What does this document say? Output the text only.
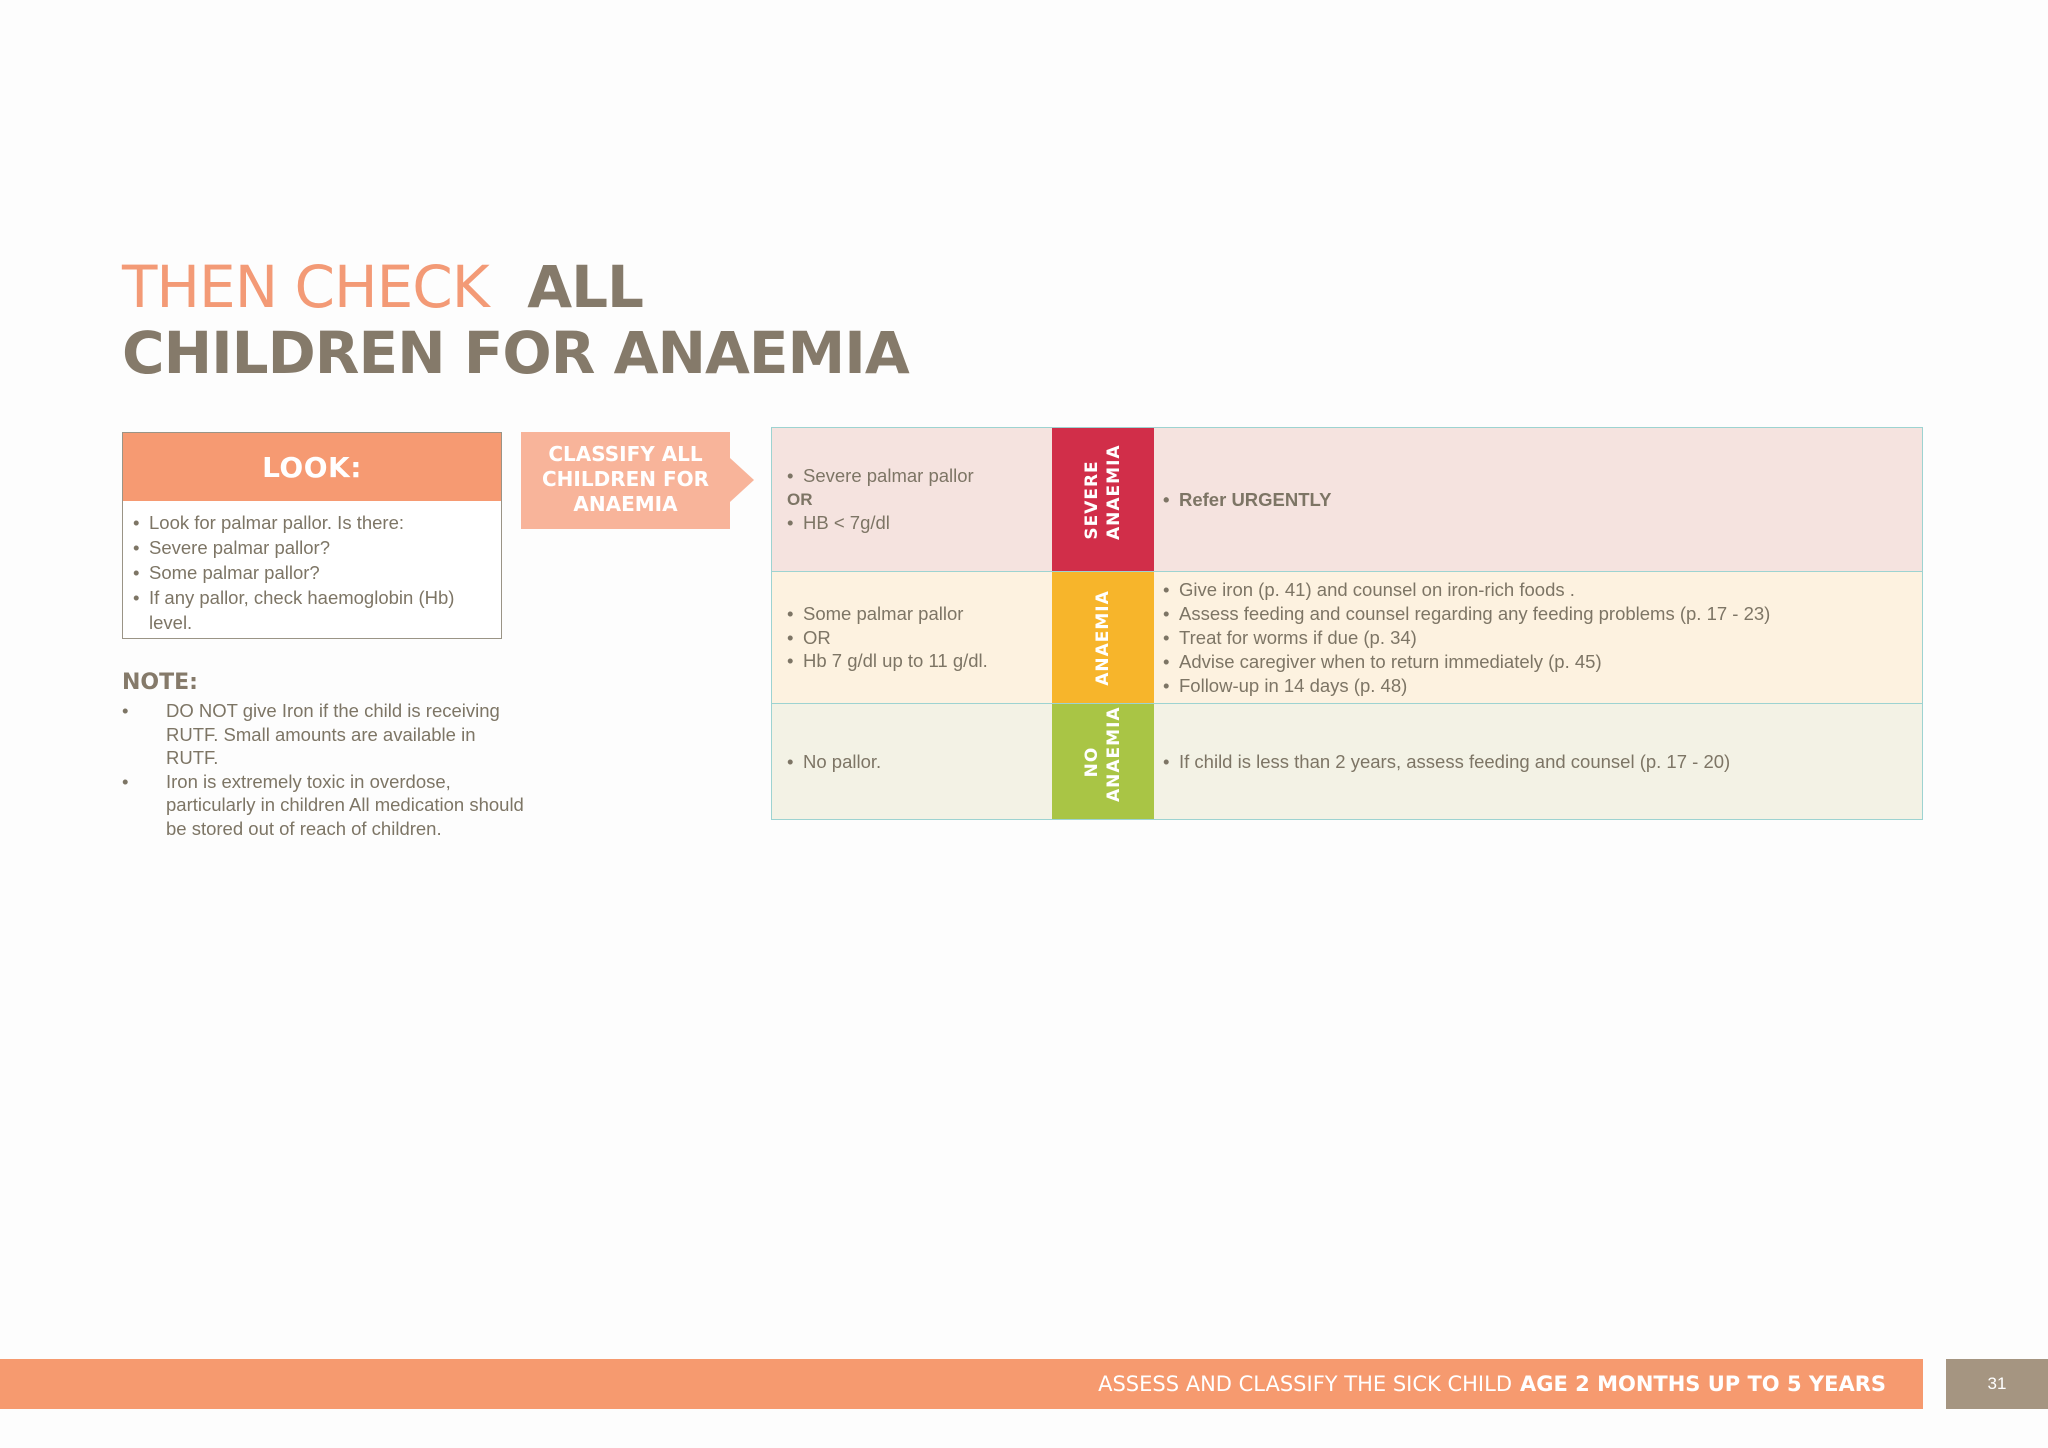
THEN CHECK ALL
CHILDREN FOR ANAEMIA
LOOK:
• Look for palmar pallor. Is there:
• Severe palmar pallor?
• Some palmar pallor?
• If any pallor, check haemoglobin (Hb) level.
NOTE:
• DO NOT give Iron if the child is receiving RUTF. Small amounts are available in RUTF.
• Iron is extremely toxic in overdose, particularly in children All medication should be stored out of reach of children.
CLASSIFY ALL CHILDREN FOR ANAEMIA
• Severe palmar pallor
OR
• HB < 7g/dl	SEVERE ANAEMIA	• Refer URGENTLY
• Some palmar pallor
• OR
• Hb 7 g/dl up to 11 g/dl.	ANAEMIA
• Give iron (p. 41) and counsel on iron-rich foods .
• Assess feeding and counsel regarding any feeding problems (p. 17 - 23)
• Treat for worms if due (p. 34)
• Advise caregiver when to return immediately (p. 45)
• Follow-up in 14 days (p. 48)
• No pallor.	NO ANAEMIA	• If child is less than 2 years, assess feeding and counsel (p. 17 - 20)
ASSESS AND CLASSIFY THE SICK CHILD AGE 2 MONTHS UP TO 5 YEARS	31
